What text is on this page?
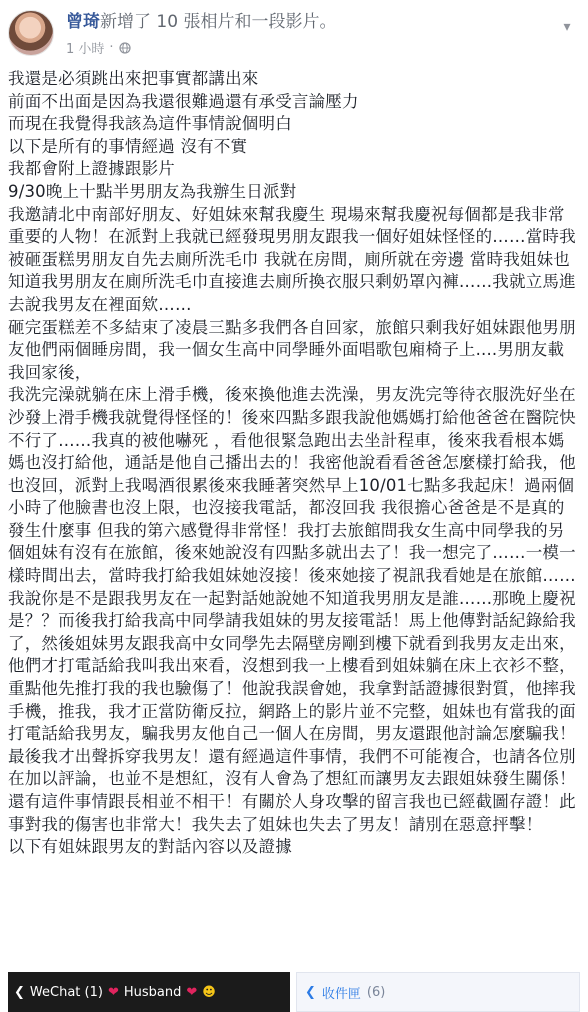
曾琦新增了 10 張相片和一段影片。
1 小時 ·
▾

我還是必須跳出來把事實都講出來

前面不出面是因為我還很難過還有承受言論壓力

而現在我覺得我該為這件事情說個明白

以下是所有的事情經過 沒有不實

我都會附上證據跟影片

9/30晚上十點半男朋友為我辦生日派對

我邀請北中南部好朋友、好姐妹來幫我慶生 現場來幫我慶祝每個都是我非常重要的人物！在派對上我就已經發現男朋友跟我一個好姐妹怪怪的……當時我被砸蛋糕男朋友自先去廁所洗毛巾 我就在房間，廁所就在旁邊 當時我姐妹也知道我男朋友在廁所洗毛巾直接進去廁所換衣服只剩奶罩內褲……我就立馬進去說我男友在裡面欸……

砸完蛋糕差不多結束了凌晨三點多我們各自回家，旅館只剩我好姐妹跟他男朋友他們兩個睡房間，我一個女生高中同學睡外面唱歌包廂椅子上....男朋友載我回家後，

我洗完澡就躺在床上滑手機，後來換他進去洗澡，男友洗完等待衣服洗好坐在沙發上滑手機我就覺得怪怪的！後來四點多跟我說他媽媽打給他爸爸在醫院快不行了……我真的被他嚇死 ，看他很緊急跑出去坐計程車，後來我看根本媽媽也沒打給他，通話是他自己播出去的！我密他說看看爸爸怎麼樣打給我，他也沒回，派對上我喝酒很累後來我睡著突然早上10/01七點多我起床！過兩個小時了他臉書也沒上限，也沒接我電話，都沒回我 我很擔心爸爸是不是真的發生什麼事 但我的第六感覺得非常怪！我打去旅館問我女生高中同學我的另個姐妹有沒有在旅館，後來她說沒有四點多就出去了！我一想完了……一模一樣時間出去，當時我打給我姐妹她沒接！後來她接了視訊我看她是在旅館……

我說你是不是跟我男友在一起對話她說她不知道我男朋友是誰……那晚上慶祝是？？而後我打給我高中同學請我姐妹的男友接電話！馬上他傳對話紀錄給我了，然後姐妹男友跟我高中女同學先去隔壁房剛到樓下就看到我男友走出來，他們才打電話給我叫我出來看，沒想到我一上樓看到姐妹躺在床上衣衫不整，重點他先推打我的我也驗傷了！他說我誤會她，我拿對話證據很對質，他摔我手機，推我，我才正當防衛反拉，網路上的影片並不完整，姐妹也有當我的面打電話給我男友，騙我男友他自己一個人在房間，男友還跟他討論怎麼騙我！最後我才出聲拆穿我男友！還有經過這件事情，我們不可能複合，也請各位別在加以評論，也並不是想紅，沒有人會為了想紅而讓男友去跟姐妹發生關係！還有這件事情跟長相並不相干！有關於人身攻擊的留言我也已經截圖存證！此事對我的傷害也非常大！我失去了姐妹也失去了男友！請別在惡意抨擊！

以下有姐妹跟男友的對話內容以及證據

❮ WeChat (1) ❤ Husband ❤ ☻	❮ 收件匣 (6)
